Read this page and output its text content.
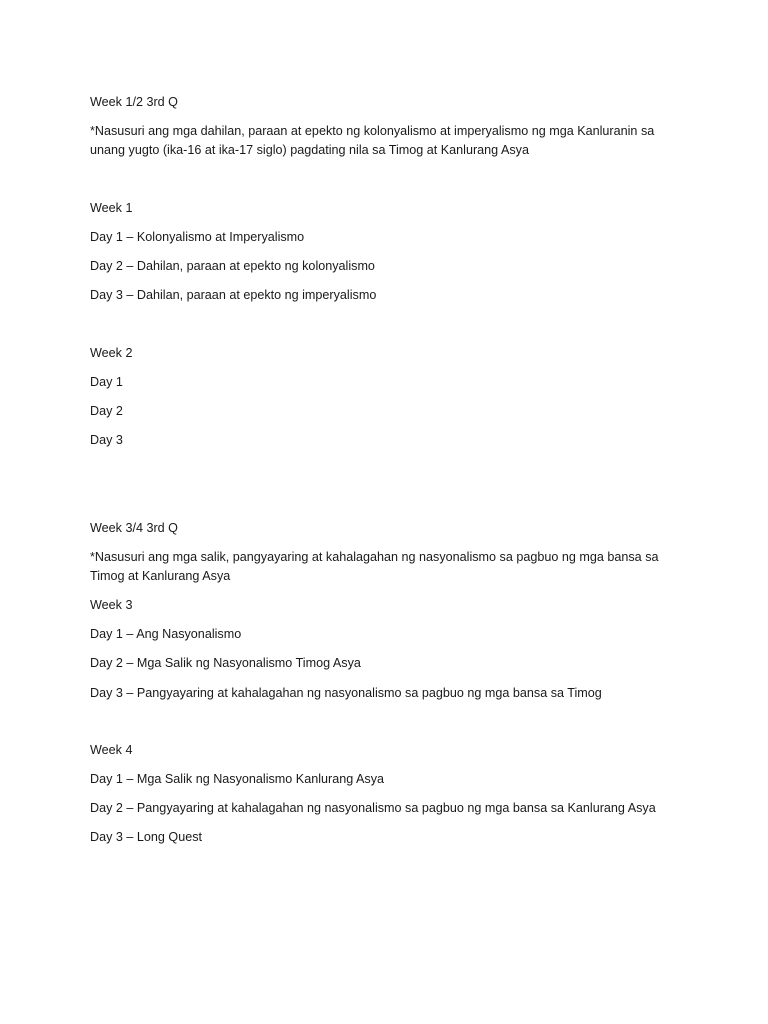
Week 1/2 3rd Q
*Nasusuri ang mga dahilan, paraan at epekto ng kolonyalismo at imperyalismo ng mga Kanluranin sa unang yugto (ika-16 at ika-17 siglo) pagdating nila sa Timog at Kanlurang Asya
Week 1
Day 1 – Kolonyalismo at Imperyalismo
Day 2 – Dahilan, paraan at epekto ng kolonyalismo
Day 3 – Dahilan, paraan at epekto ng imperyalismo
Week 2
Day 1
Day 2
Day 3
Week 3/4 3rd Q
*Nasusuri ang mga salik, pangyayaring at kahalagahan ng nasyonalismo sa pagbuo ng mga bansa sa Timog at Kanlurang Asya
Week 3
Day 1 – Ang Nasyonalismo
Day 2 – Mga Salik ng Nasyonalismo Timog Asya
Day 3 – Pangyayaring at kahalagahan ng nasyonalismo sa pagbuo ng mga bansa sa Timog
Week 4
Day 1 – Mga Salik ng Nasyonalismo Kanlurang Asya
Day 2 – Pangyayaring at kahalagahan ng nasyonalismo sa pagbuo ng mga bansa sa Kanlurang Asya
Day 3 – Long Quest
